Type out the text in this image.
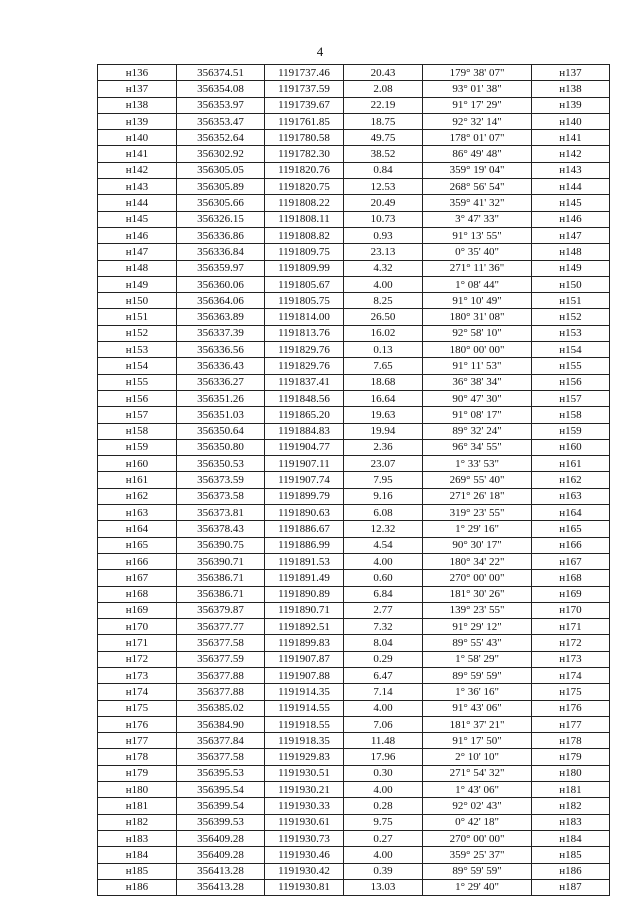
4
н136	356374.51	1191737.46	20.43	179° 38' 07"	н137
н137	356354.08	1191737.59	2.08	93° 01' 38"	н138
н138	356353.97	1191739.67	22.19	91° 17' 29"	н139
н139	356353.47	1191761.85	18.75	92° 32' 14"	н140
н140	356352.64	1191780.58	49.75	178° 01' 07"	н141
н141	356302.92	1191782.30	38.52	86° 49' 48"	н142
н142	356305.05	1191820.76	0.84	359° 19' 04"	н143
н143	356305.89	1191820.75	12.53	268° 56' 54"	н144
н144	356305.66	1191808.22	20.49	359° 41' 32"	н145
н145	356326.15	1191808.11	10.73	3° 47' 33"	н146
н146	356336.86	1191808.82	0.93	91° 13' 55"	н147
н147	356336.84	1191809.75	23.13	0° 35' 40"	н148
н148	356359.97	1191809.99	4.32	271° 11' 36"	н149
н149	356360.06	1191805.67	4.00	1° 08' 44"	н150
н150	356364.06	1191805.75	8.25	91° 10' 49"	н151
н151	356363.89	1191814.00	26.50	180° 31' 08"	н152
н152	356337.39	1191813.76	16.02	92° 58' 10"	н153
н153	356336.56	1191829.76	0.13	180° 00' 00"	н154
н154	356336.43	1191829.76	7.65	91° 11' 53"	н155
н155	356336.27	1191837.41	18.68	36° 38' 34"	н156
н156	356351.26	1191848.56	16.64	90° 47' 30"	н157
н157	356351.03	1191865.20	19.63	91° 08' 17"	н158
н158	356350.64	1191884.83	19.94	89° 32' 24"	н159
н159	356350.80	1191904.77	2.36	96° 34' 55"	н160
н160	356350.53	1191907.11	23.07	1° 33' 53"	н161
н161	356373.59	1191907.74	7.95	269° 55' 40"	н162
н162	356373.58	1191899.79	9.16	271° 26' 18"	н163
н163	356373.81	1191890.63	6.08	319° 23' 55"	н164
н164	356378.43	1191886.67	12.32	1° 29' 16"	н165
н165	356390.75	1191886.99	4.54	90° 30' 17"	н166
н166	356390.71	1191891.53	4.00	180° 34' 22"	н167
н167	356386.71	1191891.49	0.60	270° 00' 00"	н168
н168	356386.71	1191890.89	6.84	181° 30' 26"	н169
н169	356379.87	1191890.71	2.77	139° 23' 55"	н170
н170	356377.77	1191892.51	7.32	91° 29' 12"	н171
н171	356377.58	1191899.83	8.04	89° 55' 43"	н172
н172	356377.59	1191907.87	0.29	1° 58' 29"	н173
н173	356377.88	1191907.88	6.47	89° 59' 59"	н174
н174	356377.88	1191914.35	7.14	1° 36' 16"	н175
н175	356385.02	1191914.55	4.00	91° 43' 06"	н176
н176	356384.90	1191918.55	7.06	181° 37' 21"	н177
н177	356377.84	1191918.35	11.48	91° 17' 50"	н178
н178	356377.58	1191929.83	17.96	2° 10' 10"	н179
н179	356395.53	1191930.51	0.30	271° 54' 32"	н180
н180	356395.54	1191930.21	4.00	1° 43' 06"	н181
н181	356399.54	1191930.33	0.28	92° 02' 43"	н182
н182	356399.53	1191930.61	9.75	0° 42' 18"	н183
н183	356409.28	1191930.73	0.27	270° 00' 00"	н184
н184	356409.28	1191930.46	4.00	359° 25' 37"	н185
н185	356413.28	1191930.42	0.39	89° 59' 59"	н186
н186	356413.28	1191930.81	13.03	1° 29' 40"	н187
